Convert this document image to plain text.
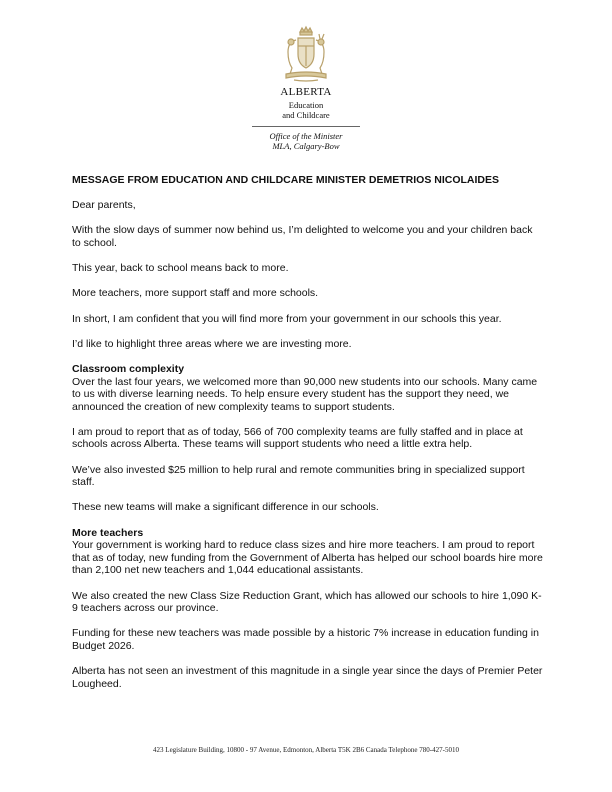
ALBERTA
Education
and Childcare
Office of the Minister
MLA, Calgary-Bow
MESSAGE FROM EDUCATION AND CHILDCARE MINISTER DEMETRIOS NICOLAIDES

Dear parents,

With the slow days of summer now behind us, I’m delighted to welcome you and your children back to school.

This year, back to school means back to more.

More teachers, more support staff and more schools.

In short, I am confident that you will find more from your government in our schools this year.

I’d like to highlight three areas where we are investing more.

Classroom complexity
Over the last four years, we welcomed more than 90,000 new students into our schools. Many came to us with diverse learning needs. To help ensure every student has the support they need, we announced the creation of new complexity teams to support students.

I am proud to report that as of today, 566 of 700 complexity teams are fully staffed and in place at schools across Alberta. These teams will support students who need a little extra help.

We’ve also invested $25 million to help rural and remote communities bring in specialized support staff.

These new teams will make a significant difference in our schools.

More teachers
Your government is working hard to reduce class sizes and hire more teachers. I am proud to report that as of today, new funding from the Government of Alberta has helped our school boards hire more than 2,100 net new teachers and 1,044 educational assistants.

We also created the new Class Size Reduction Grant, which has allowed our schools to hire 1,090 K-9 teachers across our province.

Funding for these new teachers was made possible by a historic 7% increase in education funding in Budget 2026.

Alberta has not seen an investment of this magnitude in a single year since the days of Premier Peter Lougheed.

423 Legislature Building, 10800 - 97 Avenue, Edmonton, Alberta T5K 2B6 Canada Telephone 780-427-5010
